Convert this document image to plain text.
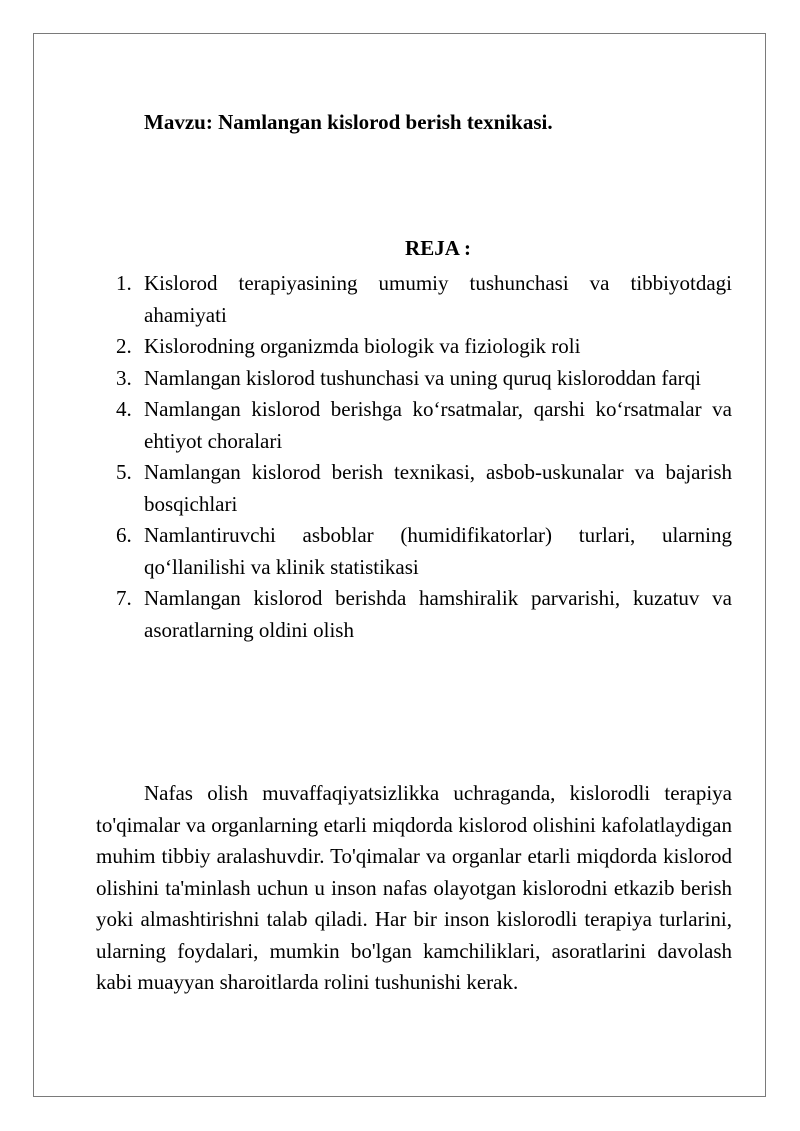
Mavzu: Namlangan kislorod berish texnikasi.
REJA :
1. Kislorod terapiyasining umumiy tushunchasi va tibbiyotdagi ahamiyati
2. Kislorodning organizmda biologik va fiziologik roli
3. Namlangan kislorod tushunchasi va uning quruq kisloroddan farqi
4. Namlangan kislorod berishga ko‘rsatmalar, qarshi ko‘rsatmalar va ehtiyot choralari
5. Namlangan kislorod berish texnikasi, asbob-uskunalar va bajarish bosqichlari
6. Namlantiruvchi asboblar (humidifikatorlar) turlari, ularning qo‘llanilishi va klinik statistikasi
7. Namlangan kislorod berishda hamshiralik parvarishi, kuzatuv va asoratlarning oldini olish

Nafas olish muvaffaqiyatsizlikka uchraganda, kislorodli terapiya to'qimalar va organlarning etarli miqdorda kislorod olishini kafolatlaydigan muhim tibbiy aralashuvdir. To'qimalar va organlar etarli miqdorda kislorod olishini ta'minlash uchun u inson nafas olayotgan kislorodni etkazib berish yoki almashtirishni talab qiladi. Har bir inson kislorodli terapiya turlarini, ularning foydalari, mumkin bo'lgan kamchiliklari, asoratlarini davolash kabi muayyan sharoitlarda rolini tushunishi kerak.
